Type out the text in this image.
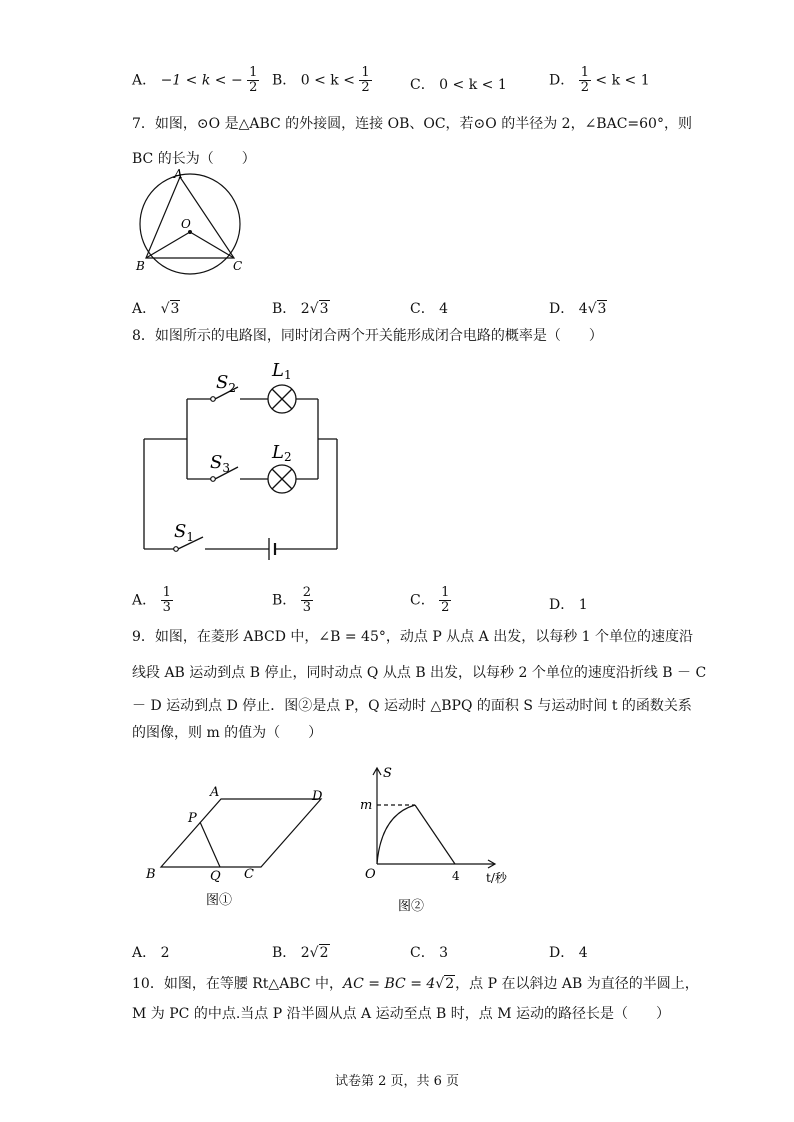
A． −1 < k < − $\frac{1}{2}$ B． $0 < k < \frac{1}{2}$	C． 0 < k < 1	D． $\frac{1}{2} < k < 1$
7．如图，⊙O 是△ABC 的外接圆，连接 OB、OC，若⊙O 的半径为 2，∠BAC=60°，则
BC 的长为（　　）
A
O
B	C
A． √3	B． 2√3	C． 4	D． 4√3
8．如图所示的电路图，同时闭合两个开关能形成闭合电路的概率是（　　）
$S_2$
L1
$S_3$
L2
$S_1$
A． $\frac{1}{3}$	B． $\frac{2}{3}$	C． $\frac{1}{2}$	D． 1
9．如图，在菱形 ABCD 中，∠B = 45°，动点 P 从点 A 出发，以每秒 1 个单位的速度沿
线段 AB 运动到点 B 停止，同时动点 Q 从点 B 出发，以每秒 2 个单位的速度沿折线 B － C
－ D 运动到点 D 停止．图②是点 P，Q 运动时 △BPQ 的面积 S 与运动时间 t 的函数关系
的图像，则 m 的值为（　　）
A	D
P
B	Q C
图①
S
m
O	4 t/秒
图②
A． 2	B． 2√2	C． 3	D． 4
10．如图，在等腰 Rt△ABC 中，AC = BC = 4√2，点 P 在以斜边 AB 为直径的半圆上，
M 为 PC 的中点.当点 P 沿半圆从点 A 运动至点 B 时，点 M 运动的路径长是（　　）
试卷第 2 页，共 6 页
